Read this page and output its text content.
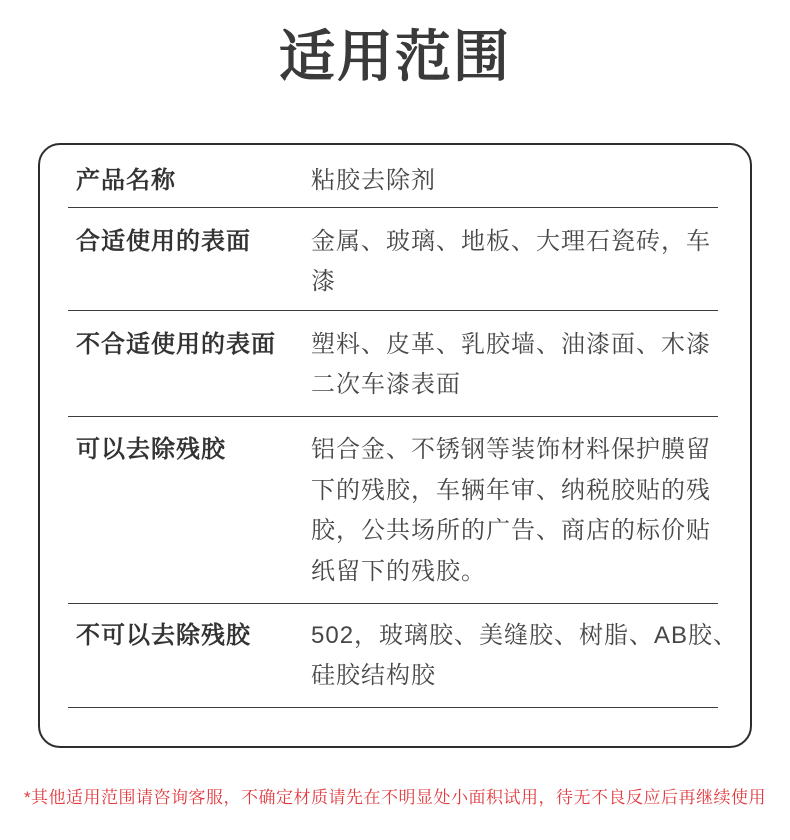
适用范围
产品名称	粘胶去除剂
合适使用的表面	金属、玻璃、地板、大理石瓷砖，车
漆
不合适使用的表面	塑料、皮革、乳胶墙、油漆面、木漆
二次车漆表面
可以去除残胶	铝合金、不锈钢等装饰材料保护膜留
下的残胶，车辆年审、纳税胶贴的残
胶，公共场所的广告、商店的标价贴
纸留下的残胶。
不可以去除残胶	502，玻璃胶、美缝胶、树脂、AB胶、
硅胶结构胶
*其他适用范围请咨询客服，不确定材质请先在不明显处小面积试用，待无不良反应后再继续使用
